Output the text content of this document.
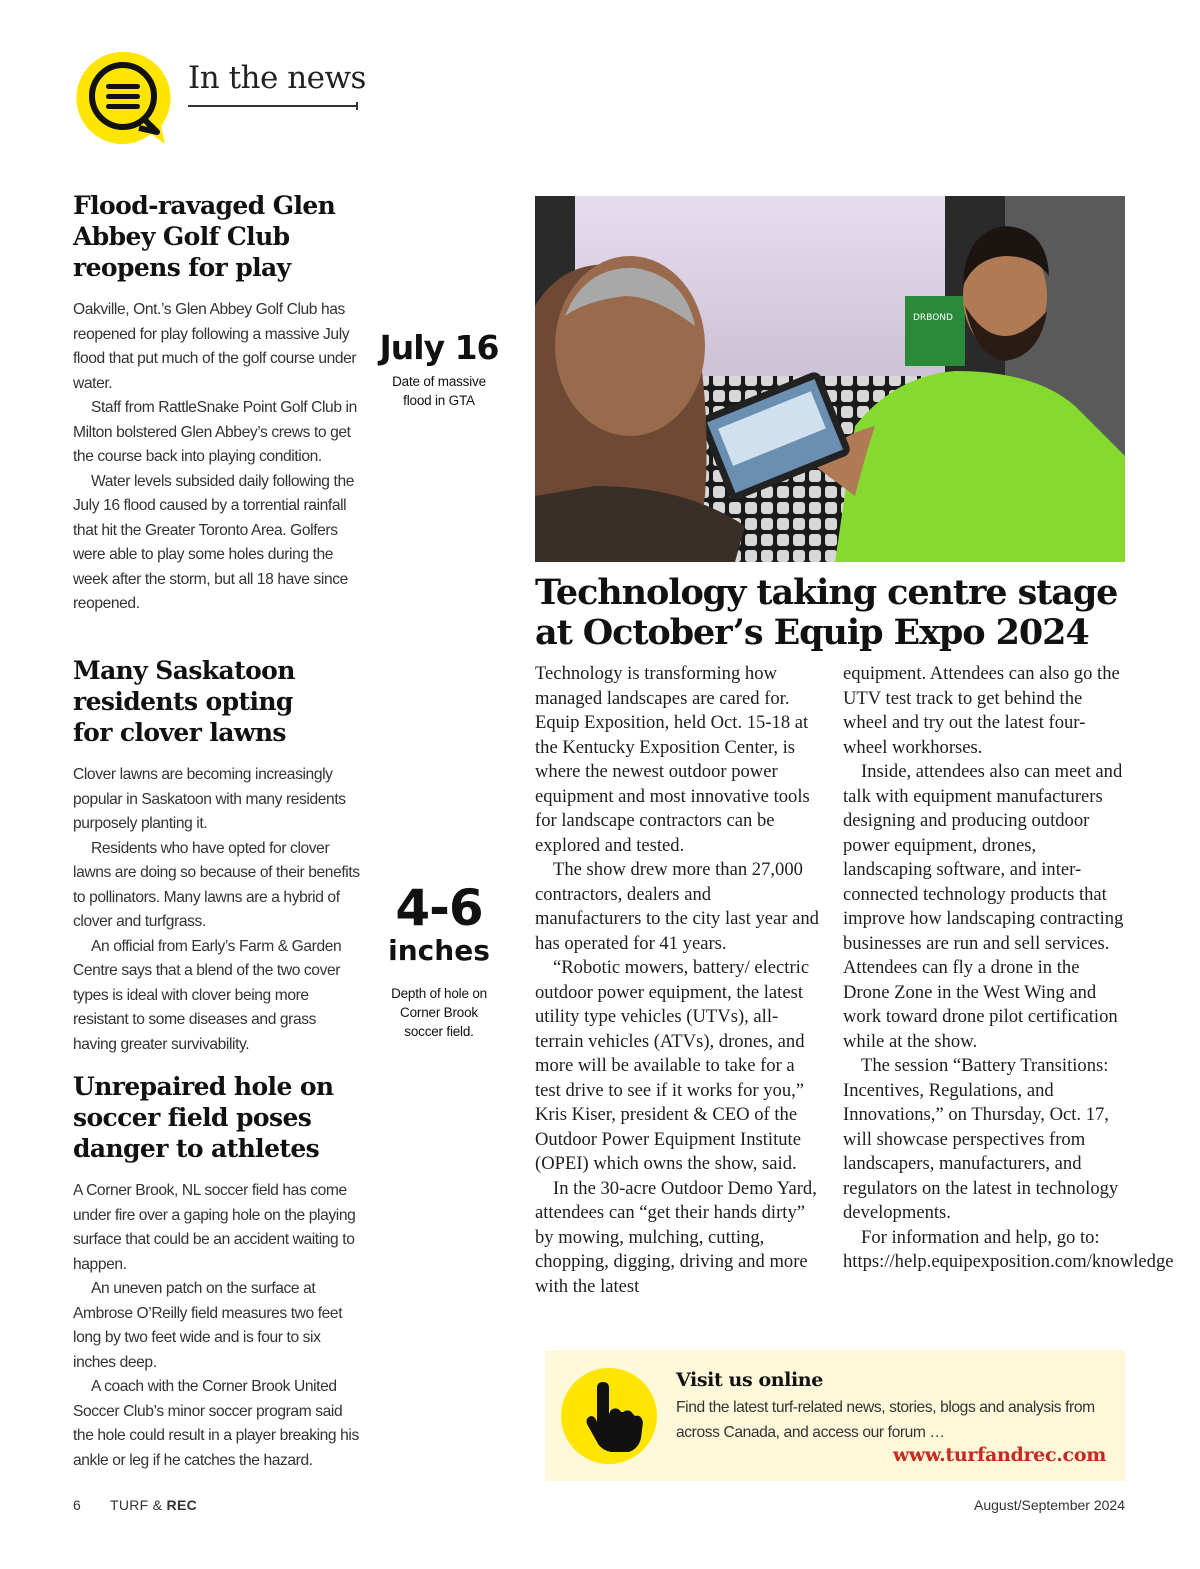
In the news
Flood-ravaged Glen Abbey Golf Club reopens for play

Oakville, Ont.’s Glen Abbey Golf Club has reopened for play following a massive July flood that put much of the golf course under water.

Staff from RattleSnake Point Golf Club in Milton bolstered Glen Abbey’s crews to get the course back into playing condition.

Water levels subsided daily following the July 16 flood caused by a torrential rainfall that hit the Greater Toronto Area. Golfers were able to play some holes during the week after the storm, but all 18 have since reopened.

Many Saskatoon residents opting for clover lawns

Clover lawns are becoming increasingly popular in Saskatoon with many residents purposely planting it.

Residents who have opted for clover lawns are doing so because of their benefits to pollinators. Many lawns are a hybrid of clover and turfgrass.

An official from Early’s Farm & Garden Centre says that a blend of the two cover types is ideal with clover being more resistant to some diseases and grass having greater survivability.

Unrepaired hole on soccer field poses danger to athletes

A Corner Brook, NL soccer field has come under fire over a gaping hole on the playing surface that could be an accident waiting to happen.

An uneven patch on the surface at Ambrose O’Reilly field measures two feet long by two feet wide and is four to six inches deep.

A coach with the Corner Brook United Soccer Club’s minor soccer program said the hole could result in a player breaking his ankle or leg if he catches the hazard.

July 16
Date of massive flood in GTA
4-6
inches
Depth of hole on Corner Brook soccer field.
DRBOND
Technology taking centre stage at October’s Equip Expo 2024

Technology is transforming how managed landscapes are cared for. Equip Exposition, held Oct. 15-18 at the Kentucky Exposition Center, is where the newest outdoor power equipment and most innovative tools for landscape contractors can be explored and tested.

The show drew more than 27,000 contractors, dealers and manufacturers to the city last year and has operated for 41 years.

“Robotic mowers, battery/ electric outdoor power equipment, the latest utility type vehicles (UTVs), all-terrain vehicles (ATVs), drones, and more will be available to take for a test drive to see if it works for you,” Kris Kiser, president & CEO of the Outdoor Power Equipment Institute (OPEI) which owns the show, said.

In the 30-acre Outdoor Demo Yard, attendees can “get their hands dirty” by mowing, mulching, cutting, chopping, digging, driving and more with the latest

equipment. Attendees can also go the UTV test track to get behind the wheel and try out the latest four-wheel workhorses.

Inside, attendees also can meet and talk with equipment manufacturers designing and producing outdoor power equipment, drones, landscaping software, and inter-connected technology products that improve how landscaping contracting businesses are run and sell services. Attendees can fly a drone in the Drone Zone in the West Wing and work toward drone pilot certification while at the show.

The session “Battery Transitions: Incentives, Regulations, and Innovations,” on Thursday, Oct. 17, will showcase perspectives from landscapers, manufacturers, and regulators on the latest in technology developments.

For information and help, go to: https://help.equipexposition.com/knowledge

Visit us online
Find the latest turf-related news, stories, blogs and analysis from across Canada, and access our forum …
www.turfandrec.com
6 TURF & REC	August/September 2024
